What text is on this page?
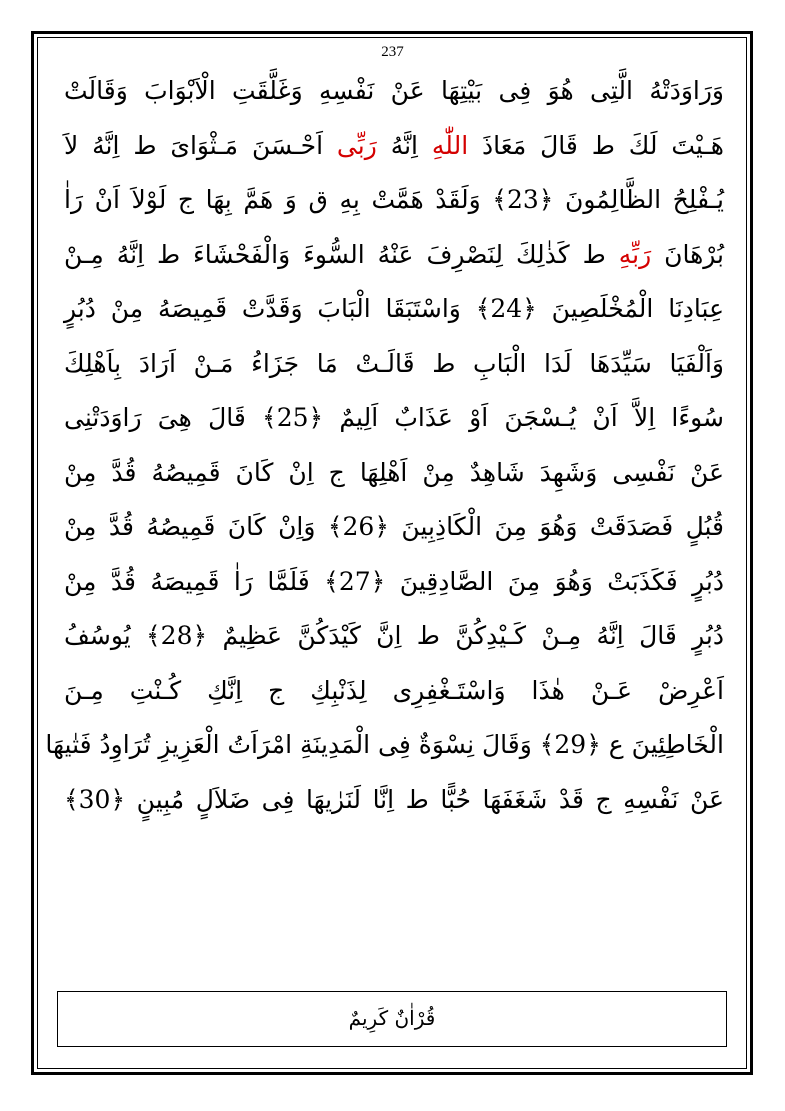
237
وَرَاوَدَتْهُ الَّتِى هُوَ فِى بَيْتِهَا عَنْ نَفْسِهِ وَغَلَّقَتِ الْاَبْوَابَ وَقَالَتْ
هَـيْتَ لَكَ ط قَالَ مَعَاذَ اللّٰهِ اِنَّهُ رَبِّى اَحْـسَنَ مَـثْوَاىَ ط اِنَّهُ لاَ
يُـفْلِحُ الظَّالِمُونَ ﴿23﴾ وَلَقَدْ هَمَّتْ بِهِ ق وَ هَمَّ بِهَا ج لَوْلاَ اَنْ رَاٰ
بُرْهَانَ رَبِّهِ ط كَذٰلِكَ لِنَصْرِفَ عَنْهُ السُّوءَ وَالْفَحْشَاءَ ط اِنَّهُ مِـنْ
عِبَادِنَا الْمُخْلَصِينَ ﴿24﴾ وَاسْتَبَقَا الْبَابَ وَقَدَّتْ قَمِيصَهُ مِنْ دُبُرٍ
وَاَلْفَيَا سَيِّدَهَا لَدَا الْبَابِ ط قَالَـتْ مَا جَزَاءُ مَـنْ اَرَادَ بِاَهْلِكَ
سُوءًا اِلاَّ اَنْ يُـسْجَنَ اَوْ عَذَابٌ اَلِيمٌ ﴿25﴾ قَالَ هِىَ رَاوَدَتْنِى
عَنْ نَفْسِى وَشَهِدَ شَاهِدٌ مِنْ اَهْلِهَا ج اِنْ كَانَ قَمِيصُهُ قُدَّ مِنْ
قُبُلٍ فَصَدَقَتْ وَهُوَ مِنَ الْكَاذِبِينَ ﴿26﴾ وَاِنْ كَانَ قَمِيصُهُ قُدَّ مِنْ
دُبُرٍ فَكَذَبَتْ وَهُوَ مِنَ الصَّادِقِينَ ﴿27﴾ فَلَمَّا رَاٰ قَمِيصَهُ قُدَّ مِنْ
دُبُرٍ قَالَ اِنَّهُ مِـنْ كَـيْدِكُنَّ ط اِنَّ كَيْدَكُنَّ عَظِيمٌ ﴿28﴾ يُوسُفُ
اَعْرِضْ عَـنْ هٰذَا وَاسْتَـغْفِرِى لِذَنْبِكِ ج اِنَّكِ كُـنْتِ مِـنَ
الْخَاطِئِينَ ع ﴿29﴾ وَقَالَ نِسْوَةٌ فِى الْمَدِينَةِ امْرَاَتُ الْعَزِيزِ تُرَاوِدُ فَتٰيهَا
عَنْ نَفْسِهِ ج قَدْ شَغَفَهَا حُبًّا ط اِنَّا لَنَرٰيهَا فِى ضَلاَلٍ مُبِينٍ ﴿30﴾
قُرْاٰنٌ كَرِيمٌ
